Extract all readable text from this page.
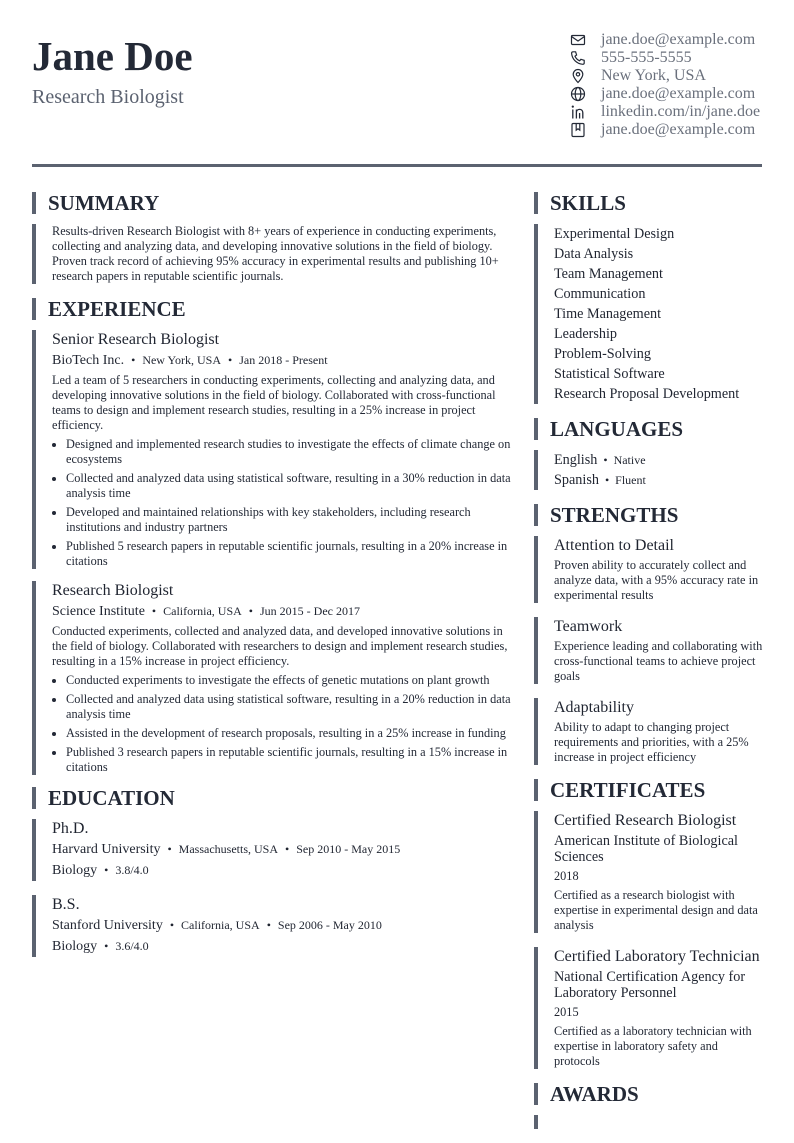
Jane Doe
Research Biologist
jane.doe@example.com
555-555-5555
New York, USA
jane.doe@example.com
linkedin.com/in/jane.doe
jane.doe@example.com
SUMMARY
Results-driven Research Biologist with 8+ years of experience in conducting experiments, collecting and analyzing data, and developing innovative solutions in the field of biology. Proven track record of achieving 95% accuracy in experimental results and publishing 10+ research papers in reputable scientific journals.
EXPERIENCE
Senior Research Biologist
BioTech Inc. • New York, USA • Jan 2018 - Present
Led a team of 5 researchers in conducting experiments, collecting and analyzing data, and developing innovative solutions in the field of biology. Collaborated with cross-functional teams to design and implement research studies, resulting in a 25% increase in project efficiency.
• Designed and implemented research studies to investigate the effects of climate change on ecosystems
• Collected and analyzed data using statistical software, resulting in a 30% reduction in data analysis time
• Developed and maintained relationships with key stakeholders, including research institutions and industry partners
• Published 5 research papers in reputable scientific journals, resulting in a 20% increase in citations
Research Biologist
Science Institute • California, USA • Jun 2015 - Dec 2017
Conducted experiments, collected and analyzed data, and developed innovative solutions in the field of biology. Collaborated with researchers to design and implement research studies, resulting in a 15% increase in project efficiency.
• Conducted experiments to investigate the effects of genetic mutations on plant growth
• Collected and analyzed data using statistical software, resulting in a 20% reduction in data analysis time
• Assisted in the development of research proposals, resulting in a 25% increase in funding
• Published 3 research papers in reputable scientific journals, resulting in a 15% increase in citations
EDUCATION
Ph.D.
Harvard University • Massachusetts, USA • Sep 2010 - May 2015
Biology • 3.8/4.0
B.S.
Stanford University • California, USA • Sep 2006 - May 2010
Biology • 3.6/4.0
SKILLS
Experimental Design
Data Analysis
Team Management
Communication
Time Management
Leadership
Problem-Solving
Statistical Software
Research Proposal Development
LANGUAGES
English • Native
Spanish • Fluent
STRENGTHS
Attention to Detail
Proven ability to accurately collect and analyze data, with a 95% accuracy rate in experimental results
Teamwork
Experience leading and collaborating with cross-functional teams to achieve project goals
Adaptability
Ability to adapt to changing project requirements and priorities, with a 25% increase in project efficiency
CERTIFICATES
Certified Research Biologist
American Institute of Biological Sciences
2018
Certified as a research biologist with expertise in experimental design and data analysis
Certified Laboratory Technician
National Certification Agency for Laboratory Personnel
2015
Certified as a laboratory technician with expertise in laboratory safety and protocols
AWARDS
